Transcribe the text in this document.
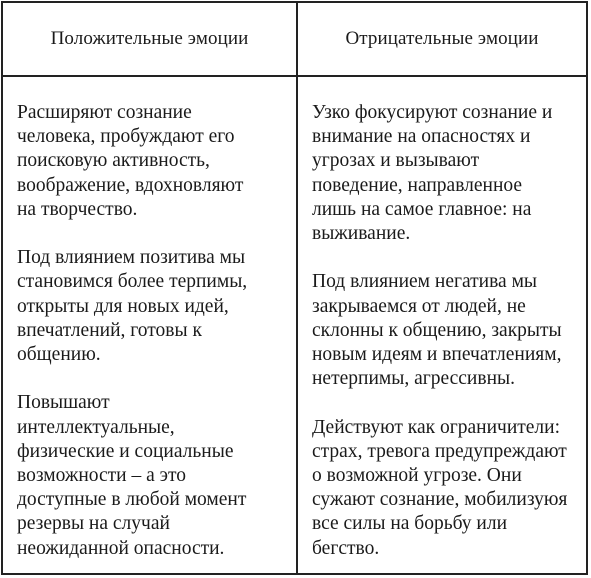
Положительные эмоции	Отрицательные эмоции

Расширяют сознание
человека, пробуждают его
поисковую активность,
воображение, вдохновляют
на творчество.

Под влиянием позитива мы
становимся более терпимы,
открыты для новых идей,
впечатлений, готовы к
общению.

Повышают
интеллектуальные,
физические и социальные
возможности – а это
доступные в любой момент
резервы на случай
неожиданной опасности.

Узко фокусируют сознание и
внимание на опасностях и
угрозах и вызывают
поведение, направленное
лишь на самое главное: на
выживание.

Под влиянием негатива мы
закрываемся от людей, не
склонны к общению, закрыты
новым идеям и впечатлениям,
нетерпимы, агрессивны.

Действуют как ограничители:
страх, тревога предупреждают
о возможной угрозе. Они
сужают сознание, мобилизуюя
все силы на борьбу или
бегство.
